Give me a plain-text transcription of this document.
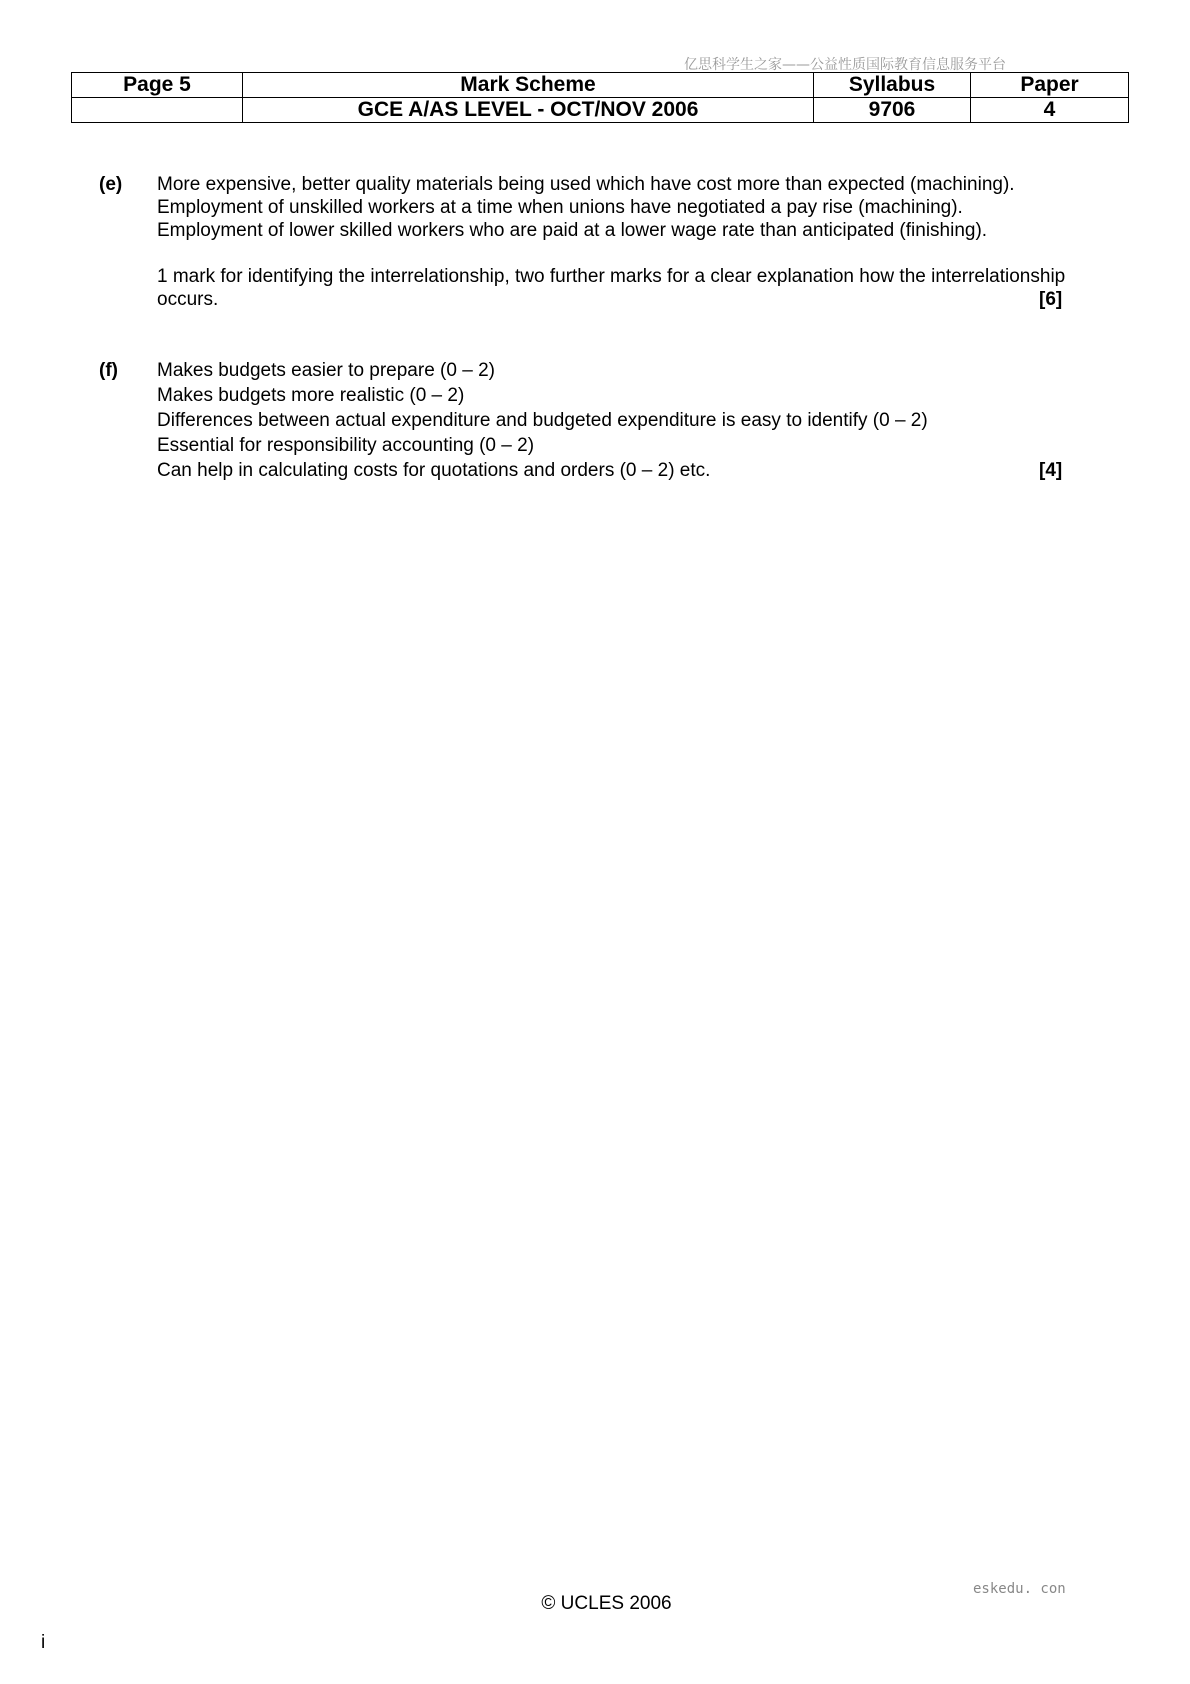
亿思科学生之家——公益性质国际教育信息服务平台
Page 5	Mark Scheme	Syllabus	Paper
	GCE A/AS LEVEL - OCT/NOV 2006	9706	4
(e) More expensive, better quality materials being used which have cost more than expected (machining).
Employment of unskilled workers at a time when unions have negotiated a pay rise (machining).
Employment of lower skilled workers who are paid at a lower wage rate than anticipated (finishing).
1 mark for identifying the interrelationship, two further marks for a clear explanation how the interrelationship
occurs.	[6]
(f) Makes budgets easier to prepare (0 – 2)
Makes budgets more realistic (0 – 2)
Differences between actual expenditure and budgeted expenditure is easy to identify (0 – 2)
Essential for responsibility accounting (0 – 2)
Can help in calculating costs for quotations and orders (0 – 2) etc.	[4]
eskedu. con
© UCLES 2006
i
